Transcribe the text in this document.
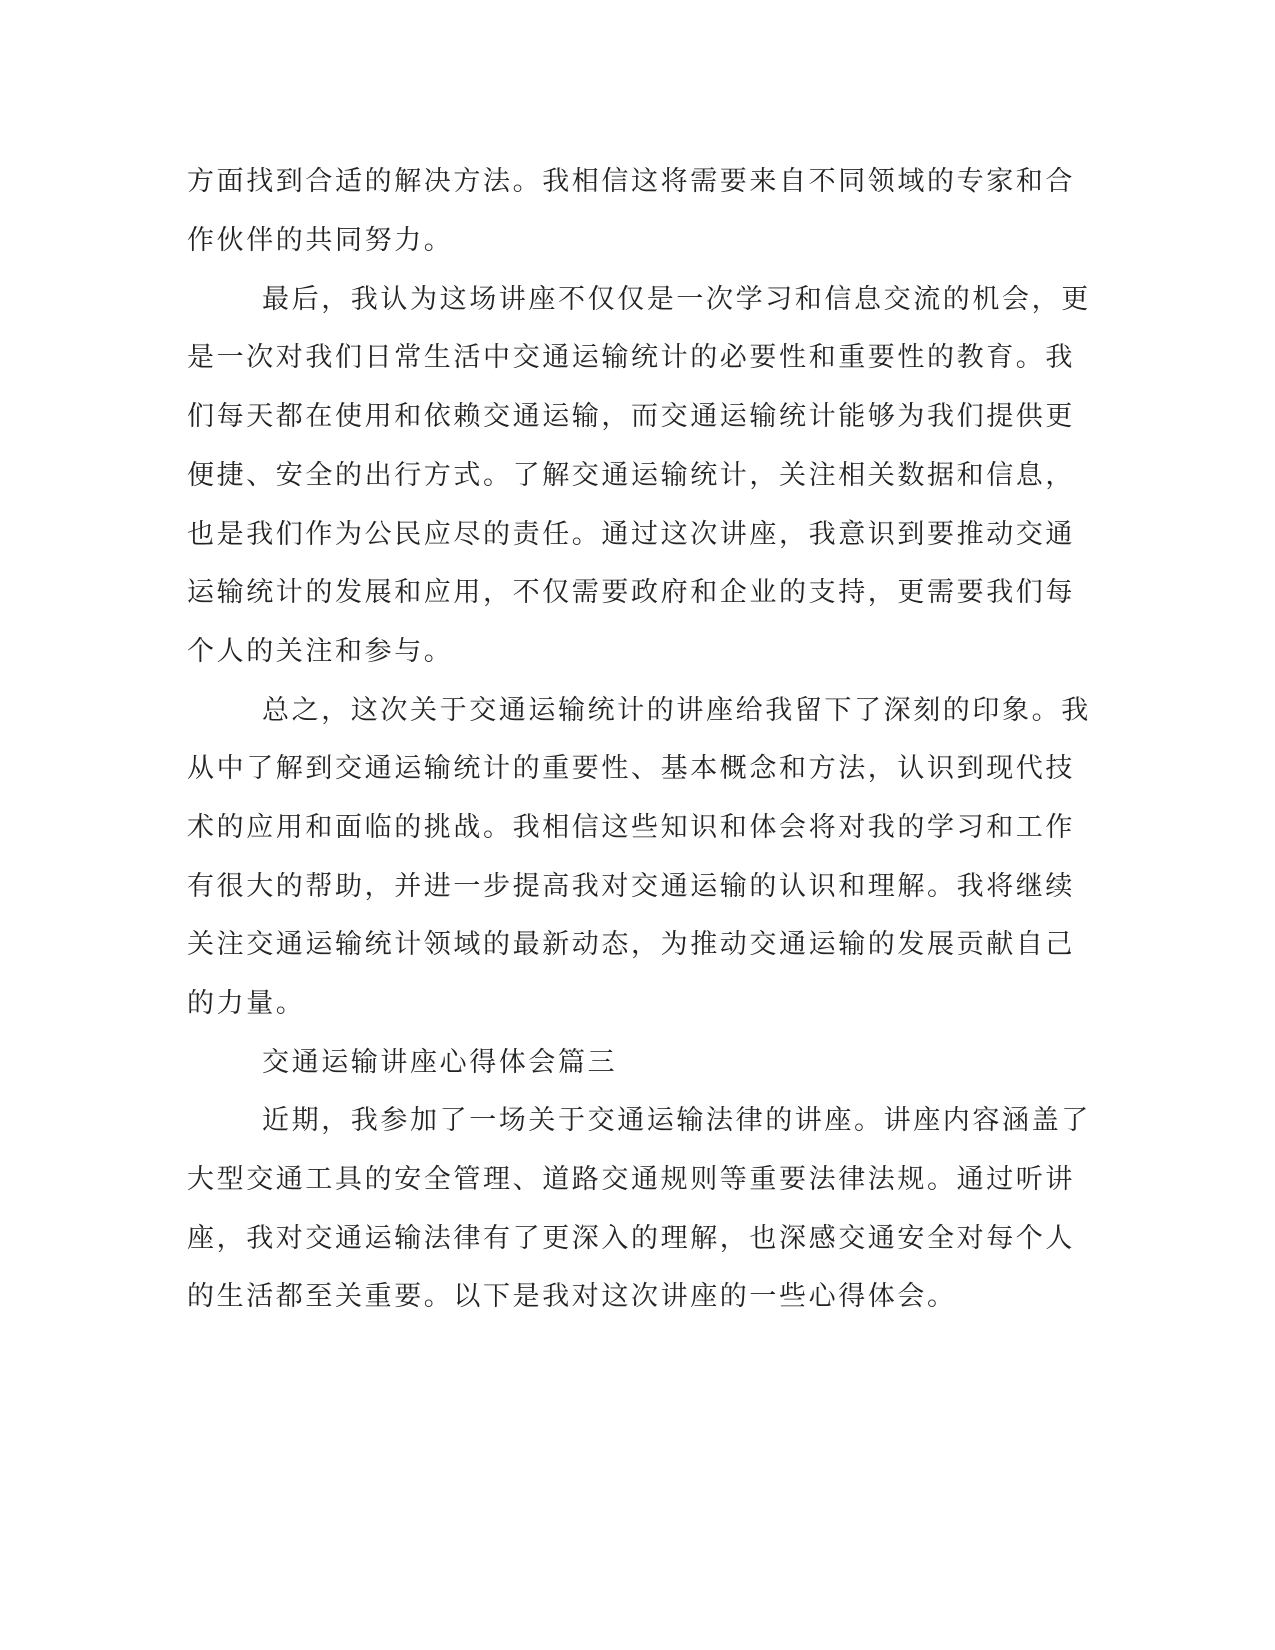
方面找到合适的解决方法。我相信这将需要来自不同领域的专家和合
作伙伴的共同努力。
最后，我认为这场讲座不仅仅是一次学习和信息交流的机会，更
是一次对我们日常生活中交通运输统计的必要性和重要性的教育。我
们每天都在使用和依赖交通运输，而交通运输统计能够为我们提供更
便捷、安全的出行方式。了解交通运输统计，关注相关数据和信息，
也是我们作为公民应尽的责任。通过这次讲座，我意识到要推动交通
运输统计的发展和应用，不仅需要政府和企业的支持，更需要我们每
个人的关注和参与。
总之，这次关于交通运输统计的讲座给我留下了深刻的印象。我
从中了解到交通运输统计的重要性、基本概念和方法，认识到现代技
术的应用和面临的挑战。我相信这些知识和体会将对我的学习和工作
有很大的帮助，并进一步提高我对交通运输的认识和理解。我将继续
关注交通运输统计领域的最新动态，为推动交通运输的发展贡献自己
的力量。
交通运输讲座心得体会篇三
近期，我参加了一场关于交通运输法律的讲座。讲座内容涵盖了
大型交通工具的安全管理、道路交通规则等重要法律法规。通过听讲
座，我对交通运输法律有了更深入的理解，也深感交通安全对每个人
的生活都至关重要。以下是我对这次讲座的一些心得体会。
